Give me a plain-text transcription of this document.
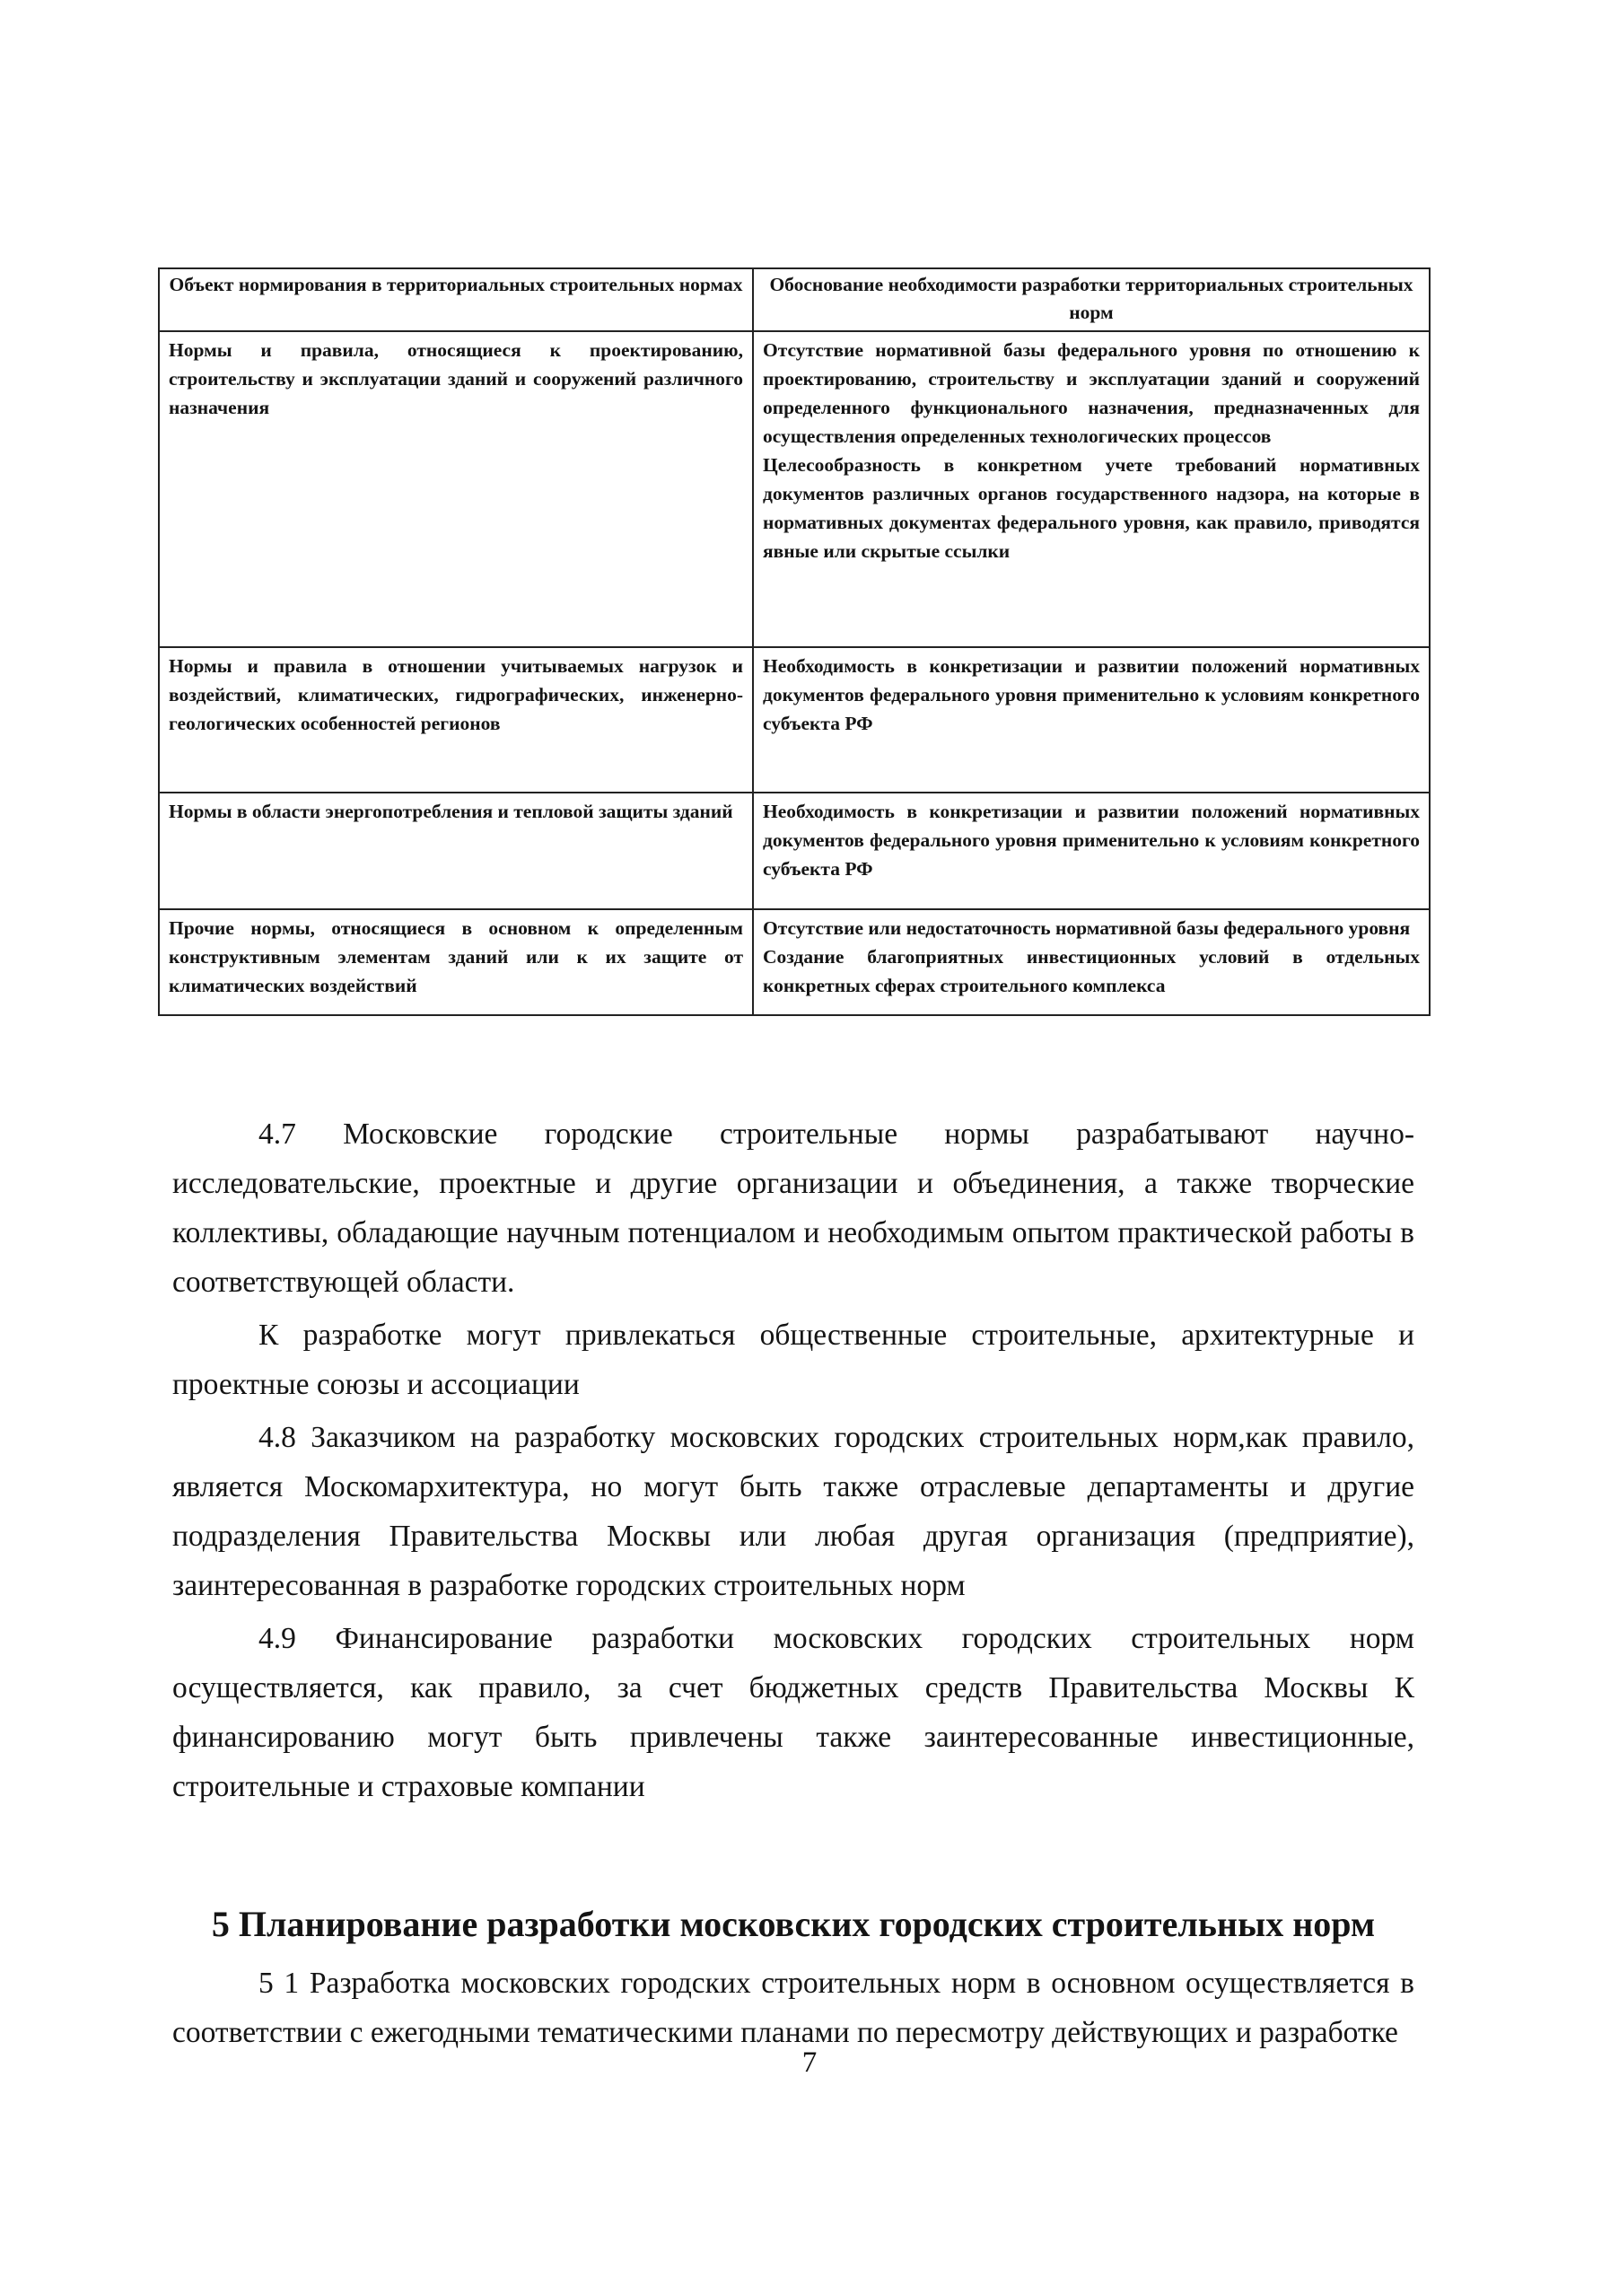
Объект нормирования в территориальных строительных нормах	Обоснование необходимости разработки территориальных строительных норм
Нормы и правила, относящиеся к проектированию, строительству и эксплуатации зданий и сооружений различного назначения	Отсутствие нормативной базы федерального уровня по отношению к проектированию, строительству и эксплуатации зданий и сооружений определенного функционального назначения, предназначенных для осуществления определенных технологических процессов

Целесообразность в конкретном учете требований нормативных документов различных органов государственного надзора, на которые в нормативных документах федерального уровня, как правило, приводятся явные или скрытые ссылки

Нормы и правила в отношении учитываемых нагрузок и воздействий, климатических, гидрографических, инженерно-геологических особенностей регионов	Необходимость в конкретизации и развитии положений нормативных документов федерального уровня применительно к условиям конкретного субъекта РФ

Нормы в области энергопотребления и тепловой защиты зданий	Необходимость в конкретизации и развитии положений нормативных документов федерального уровня применительно к условиям конкретного субъекта РФ

Прочие нормы, относящиеся в основном к определенным конструктивным элементам зданий или к их защите от климатических воздействий	Отсутствие или недостаточность нормативной базы федерального уровня

Создание благоприятных инвестиционных условий в отдельных конкретных сферах строительного комплекса

4.7 Московские городские строительные нормы разрабатывают научно-исследовательские, проектные и другие организации и объединения, а также творческие коллективы, обладающие научным потенциалом и необходимым опытом практической работы в соответствующей области.

К разработке могут привлекаться общественные строительные, архитектурные и проектные союзы и ассоциации

4.8 Заказчиком на разработку московских городских строительных норм,как правило, является Москомархитектура, но могут быть также отраслевые департаменты и другие подразделения Правительства Москвы или любая другая организация (предприятие), заинтересованная в разработке городских строительных норм

4.9 Финансирование разработки московских городских строительных норм осуществляется, как правило, за счет бюджетных средств Правительства Москвы К финансированию могут быть привлечены также заинтересованные инвестиционные, строительные и страховые компании

5 Планирование разработки московских городских строительных норм

5 1 Разработка московских городских строительных норм в основном осуществляется в соответствии с ежегодными тематическими планами по пересмотру действующих и разработке

7
